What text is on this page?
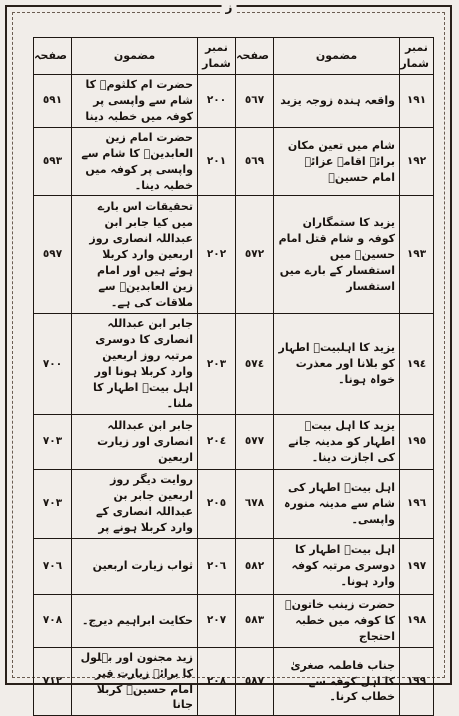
ز
نمبر شمار	مضمون	صفحہ	نمبر شمار	مضمون	صفحہ
١٩١	واقعہ ہندہ زوجہ یزید	٥٦٧	٢٠٠	حضرت ام کلثومؑ کا شام سے واپسی پر کوفہ میں خطبہ دینا	٥٩١
١٩٢	شام میں تعین مکان برائے اقامہ عزائے امام حسینؑ	٥٦٩	٢٠١	حضرت امام زین العابدینؑ کا شام سے واپسی پر کوفہ میں خطبہ دینا۔	٥٩٣
١٩٣	یزید کا ستمگاران کوفہ و شام قتل امام حسینؑ میں استفسار کے بارے میں استفسار	٥٧٢	٢٠٢	تحقیقات اس بارے میں کیا جابر ابن عبداللہ انصاری روز اربعین وارد کربلا ہوئے ہیں اور امام زین العابدینؑ سے ملاقات کی ہے۔	٥٩٧
١٩٤	یزید کا اہلبیتؑ اطہار کو بلانا اور معذرت خواہ ہونا۔	٥٧٤	٢٠٣	جابر ابن عبداللہ انصاری کا دوسری مرتبہ روز اربعین وارد کربلا ہونا اور اہل بیتؑ اطہار کا ملنا۔	٧٠٠
١٩٥	یزید کا اہل بیتؑ اطہار کو مدینہ جانے کی اجازت دینا۔	٥٧٧	٢٠٤	جابر ابن عبداللہ انصاری اور زیارت اربعین	٧٠٣
١٩٦	اہل بیتؑ اطہار کی شام سے مدینہ منورہ واپسی۔	٦٧٨	٢٠٥	روایت دیگر روز اربعین جابر بن عبداللہ انصاری کے وارد کربلا ہونے پر	٧٠٣
١٩٧	اہل بیتؑ اطہار کا دوسری مرتبہ کوفہ وارد ہونا۔	٥٨٢	٢٠٦	ثواب زیارت اربعین	٧٠٦
١٩٨	حضرت زینب خاتونؑ کا کوفہ میں خطبہ احتجاج	٥٨٣	٢٠٧	حکایت ابراہیم دیرج۔	٧٠٨
١٩٩	جناب فاطمہ صغریٰ کا اہل کوفہ سے خطاب کرنا۔	٥٨٧	٢٠٨	زید مجنون اور بہلول کا برائے زیارت قبر امام حسینؑ کربلا جانا	٧١٢
